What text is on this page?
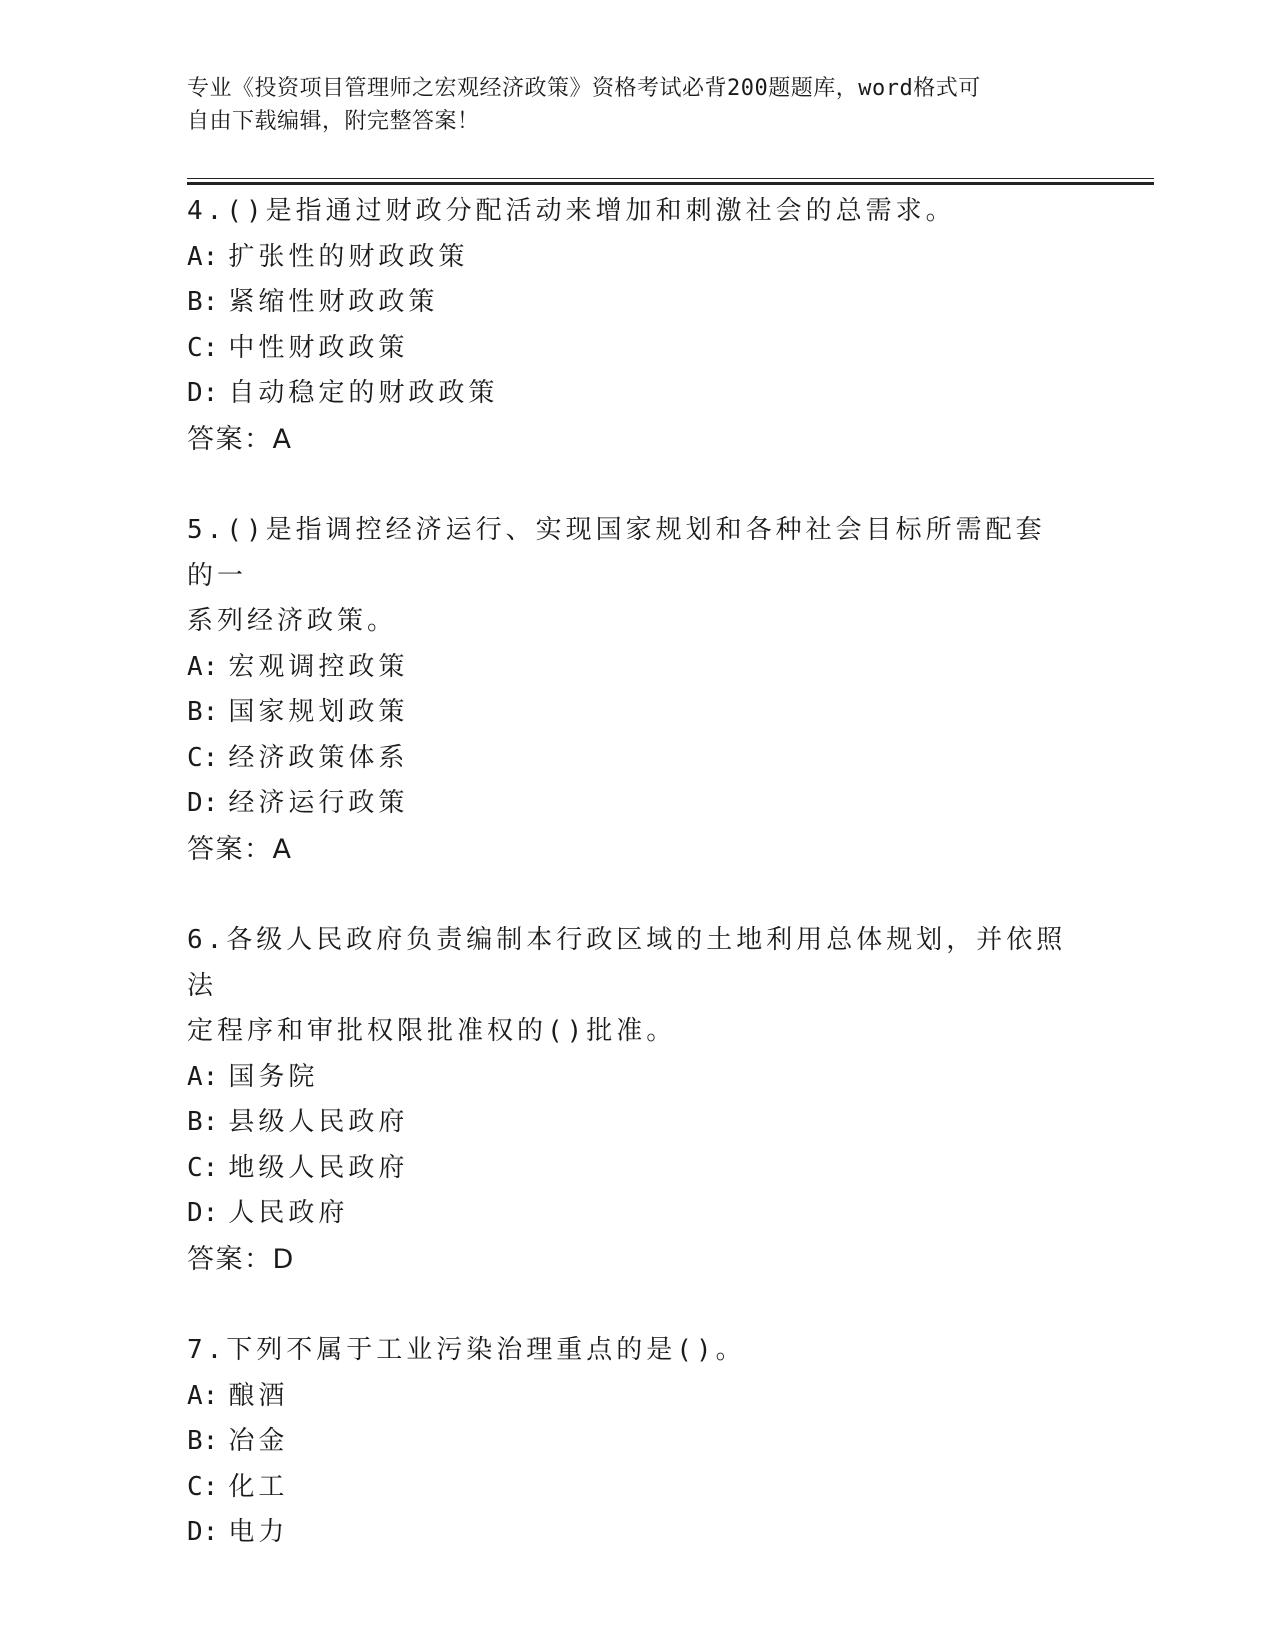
专业《投资项目管理师之宏观经济政策》资格考试必背200题题库，word格式可
自由下载编辑，附完整答案！
4.()是指通过财政分配活动来增加和刺激社会的总需求。
A: 扩张性的财政政策
B: 紧缩性财政政策
C: 中性财政政策
D: 自动稳定的财政政策
答案：A
5.()是指调控经济运行、实现国家规划和各种社会目标所需配套的一
系列经济政策。
A: 宏观调控政策
B: 国家规划政策
C: 经济政策体系
D: 经济运行政策
答案：A
6.各级人民政府负责编制本行政区域的土地利用总体规划，并依照法
定程序和审批权限批准权的()批准。
A: 国务院
B: 县级人民政府
C: 地级人民政府
D: 人民政府
答案：D
7.下列不属于工业污染治理重点的是()。
A: 酿酒
B: 冶金
C: 化工
D: 电力
